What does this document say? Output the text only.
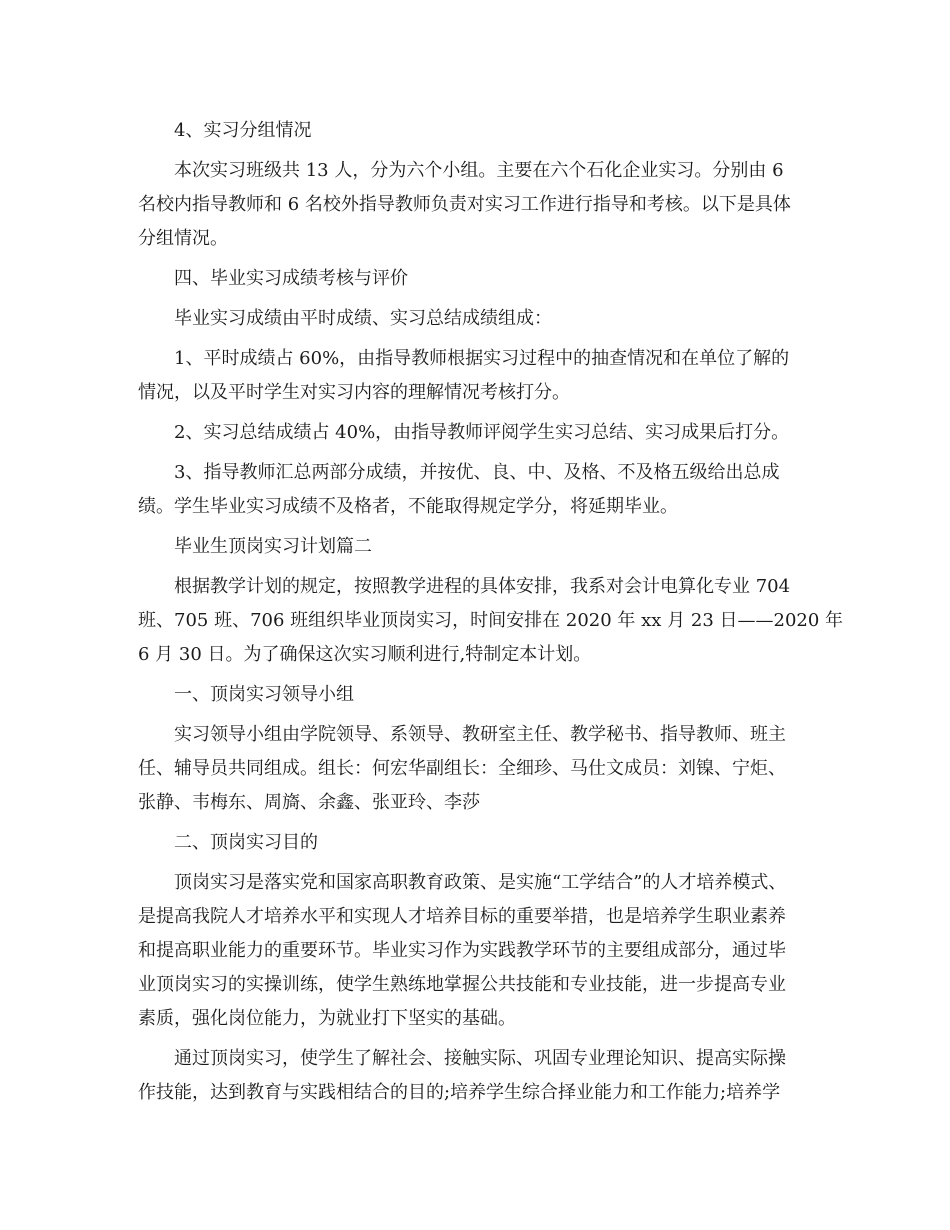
4、实习分组情况

本次实习班级共 13 人，分为六个小组。主要在六个石化企业实习。分别由 6
名校内指导教师和 6 名校外指导教师负责对实习工作进行指导和考核。以下是具体
分组情况。

四、毕业实习成绩考核与评价

毕业实习成绩由平时成绩、实习总结成绩组成：

1、平时成绩占 60%，由指导教师根据实习过程中的抽查情况和在单位了解的
情况，以及平时学生对实习内容的理解情况考核打分。

2、实习总结成绩占 40%，由指导教师评阅学生实习总结、实习成果后打分。

3、指导教师汇总两部分成绩，并按优、良、中、及格、不及格五级给出总成
绩。学生毕业实习成绩不及格者，不能取得规定学分，将延期毕业。

毕业生顶岗实习计划篇二

根据教学计划的规定，按照教学进程的具体安排，我系对会计电算化专业 704
班、705 班、706 班组织毕业顶岗实习，时间安排在 2020 年 xx 月 23 日——2020 年
6 月 30 日。为了确保这次实习顺利进行,特制定本计划。

一、顶岗实习领导小组

实习领导小组由学院领导、系领导、教研室主任、教学秘书、指导教师、班主
任、辅导员共同组成。组长：何宏华副组长：全细珍、马仕文成员：刘镍、宁炬、
张静、韦梅东、周旖、余鑫、张亚玲、李莎

二、顶岗实习目的

顶岗实习是落实党和国家高职教育政策、是实施“工学结合”的人才培养模式、
是提高我院人才培养水平和实现人才培养目标的重要举措，也是培养学生职业素养
和提高职业能力的重要环节。毕业实习作为实践教学环节的主要组成部分，通过毕
业顶岗实习的实操训练，使学生熟练地掌握公共技能和专业技能，进一步提高专业
素质，强化岗位能力，为就业打下坚实的基础。

通过顶岗实习，使学生了解社会、接触实际、巩固专业理论知识、提高实际操
作技能，达到教育与实践相结合的目的;培养学生综合择业能力和工作能力;培养学
